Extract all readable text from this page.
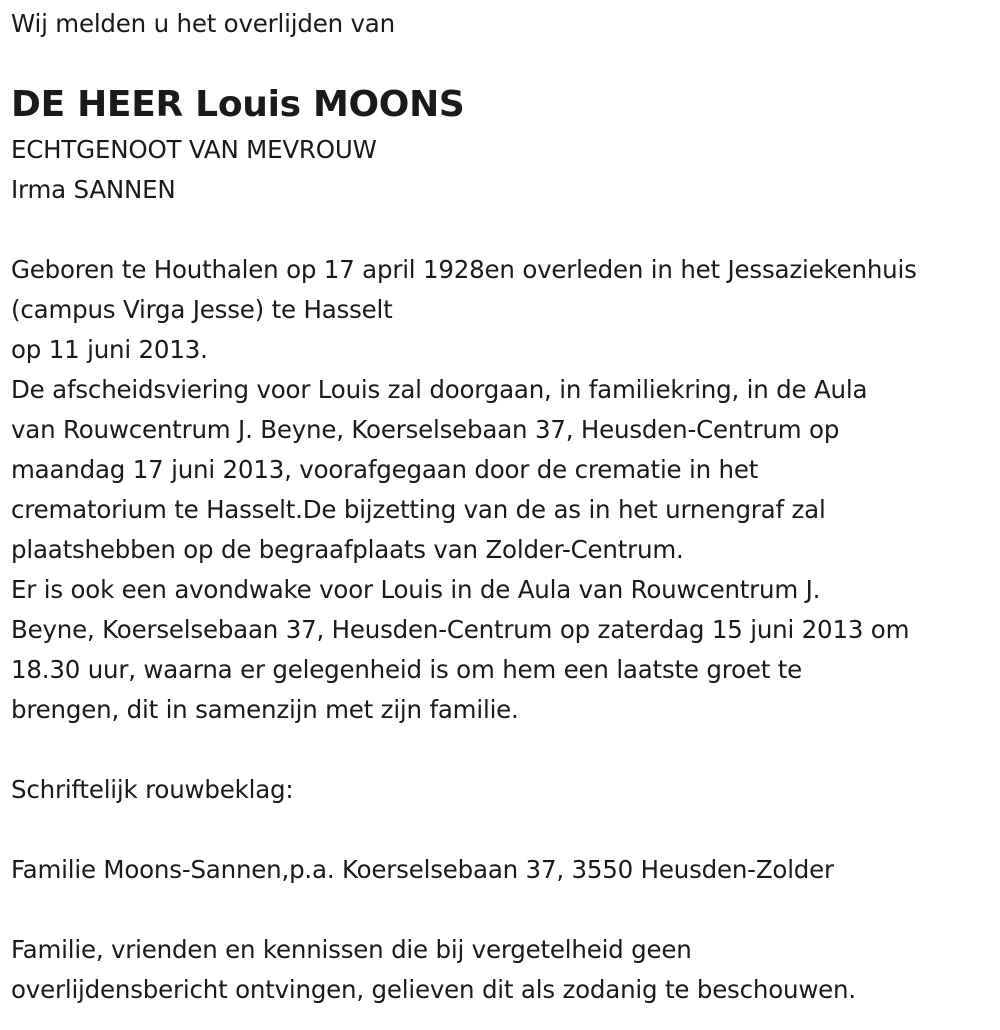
Wij melden u het overlijden van
DE HEER Louis MOONS
ECHTGENOOT VAN MEVROUW
Irma SANNEN
Geboren te Houthalen op 17 april 1928en overleden in het Jessaziekenhuis
(campus Virga Jesse) te Hasselt
op 11 juni 2013.
De afscheidsviering voor Louis zal doorgaan, in familiekring, in de Aula
van Rouwcentrum J. Beyne, Koerselsebaan 37, Heusden-Centrum op
maandag 17 juni 2013, voorafgegaan door de crematie in het
crematorium te Hasselt.De bijzetting van de as in het urnengraf zal
plaatshebben op de begraafplaats van Zolder-Centrum.
Er is ook een avondwake voor Louis in de Aula van Rouwcentrum J.
Beyne, Koerselsebaan 37, Heusden-Centrum op zaterdag 15 juni 2013 om
18.30 uur, waarna er gelegenheid is om hem een laatste groet te
brengen, dit in samenzijn met zijn familie.
Schriftelijk rouwbeklag:
Familie Moons-Sannen,p.a. Koerselsebaan 37, 3550 Heusden-Zolder
Familie, vrienden en kennissen die bij vergetelheid geen
overlijdensbericht ontvingen, gelieven dit als zodanig te beschouwen.
